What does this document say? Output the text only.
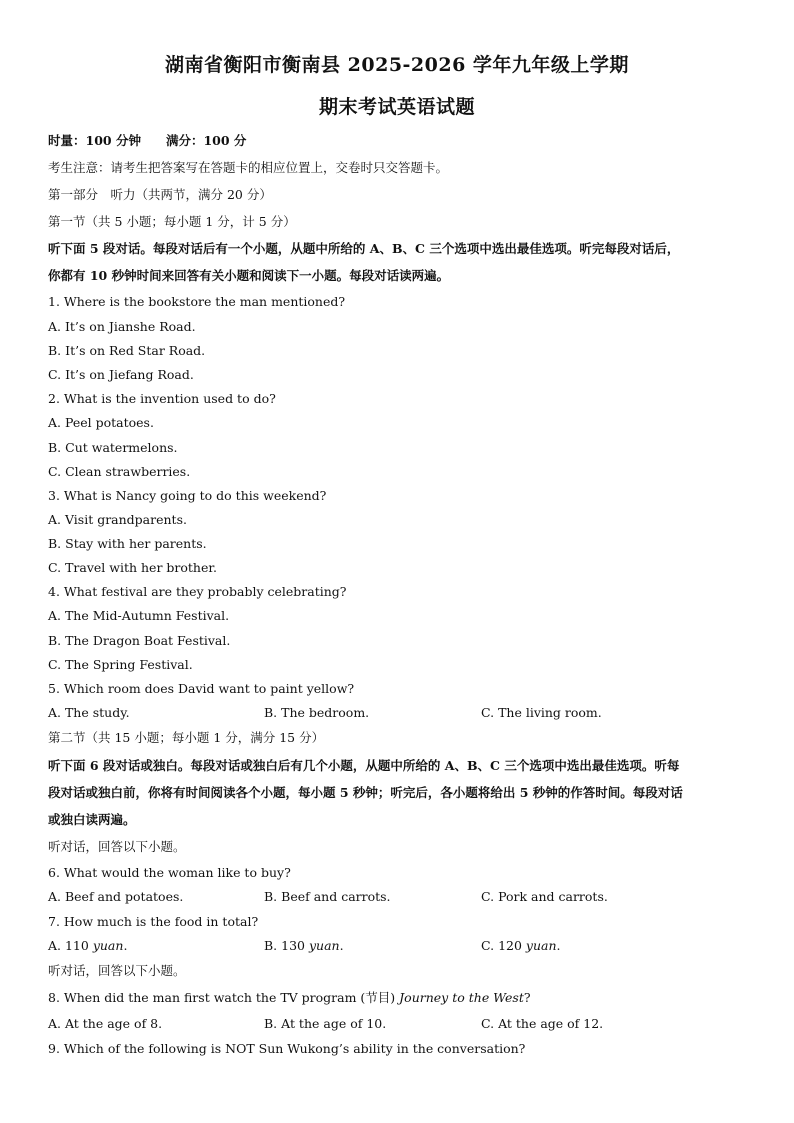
湖南省衡阳市衡南县 2025-2026 学年九年级上学期
期末考试英语试题
时量：100 分钟　　满分：100 分
考生注意：请考生把答案写在答题卡的相应位置上，交卷时只交答题卡。
第一部分　听力（共两节，满分 20 分）
第一节（共 5 小题；每小题 1 分，计 5 分）
听下面 5 段对话。每段对话后有一个小题，从题中所给的 A、B、C 三个选项中选出最佳选项。听完每段对话后，
你都有 10 秒钟时间来回答有关小题和阅读下一小题。每段对话读两遍。
1. Where is the bookstore the man mentioned?
A. It’s on Jianshe Road.
B. It’s on Red Star Road.
C. It’s on Jiefang Road.
2. What is the invention used to do?
A. Peel potatoes.
B. Cut watermelons.
C. Clean strawberries.
3. What is Nancy going to do this weekend?
A. Visit grandparents.
B. Stay with her parents.
C. Travel with her brother.
4. What festival are they probably celebrating?
A. The Mid-Autumn Festival.
B. The Dragon Boat Festival.
C. The Spring Festival.
5. Which room does David want to paint yellow?
A. The study.	B. The bedroom.	C. The living room.
第二节（共 15 小题；每小题 1 分，满分 15 分）
听下面 6 段对话或独白。每段对话或独白后有几个小题，从题中所给的 A、B、C 三个选项中选出最佳选项。听每
段对话或独白前，你将有时间阅读各个小题，每小题 5 秒钟；听完后，各小题将给出 5 秒钟的作答时间。每段对话
或独白读两遍。
听对话，回答以下小题。
6. What would the woman like to buy?
A. Beef and potatoes.	B. Beef and carrots.	C. Pork and carrots.
7. How much is the food in total?
A. 110 yuan.	B. 130 yuan.	C. 120 yuan.
听对话，回答以下小题。
8. When did the man first watch the TV program (节目) Journey to the West?
A. At the age of 8.	B. At the age of 10.	C. At the age of 12.
9. Which of the following is NOT Sun Wukong’s ability in the conversation?
